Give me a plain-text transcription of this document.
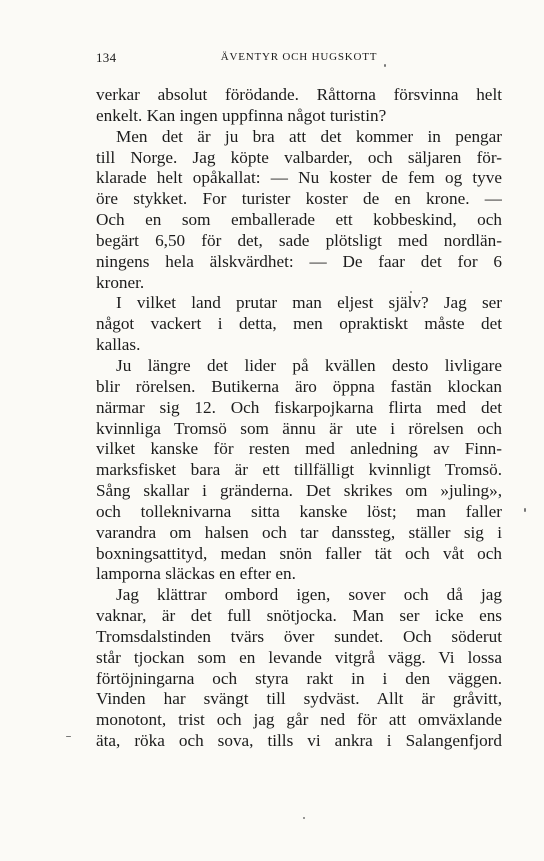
134	ÄVENTYR OCH HUGSKOTT
verkar absolut förödande. Råttorna försvinna helt
enkelt. Kan ingen uppfinna något turistin?
Men det är ju bra att det kommer in pengar
till Norge. Jag köpte valbarder, och säljaren för-
klarade helt opåkallat: — Nu koster de fem og tyve
öre stykket. For turister koster de en krone. —
Och en som emballerade ett kobbeskind, och
begärt 6,50 för det, sade plötsligt med nordlän-
ningens hela älskvärdhet: — De faar det for 6
kroner.
I vilket land prutar man eljest själv? Jag ser
något vackert i detta, men opraktiskt måste det
kallas.
Ju längre det lider på kvällen desto livligare
blir rörelsen. Butikerna äro öppna fastän klockan
närmar sig 12. Och fiskarpojkarna flirta med det
kvinnliga Tromsö som ännu är ute i rörelsen och
vilket kanske för resten med anledning av Finn-
marksfisket bara är ett tillfälligt kvinnligt Tromsö.
Sång skallar i gränderna. Det skrikes om »juling»,
och tolleknivarna sitta kanske löst; man faller
varandra om halsen och tar danssteg, ställer sig i
boxningsattityd, medan snön faller tät och våt och
lamporna släckas en efter en.
Jag klättrar ombord igen, sover och då jag
vaknar, är det full snötjocka. Man ser icke ens
Tromsdalstinden tvärs över sundet. Och söderut
står tjockan som en levande vitgrå vägg. Vi lossa
förtöjningarna och styra rakt in i den väggen.
Vinden har svängt till sydväst. Allt är gråvitt,
monotont, trist och jag går ned för att omväxlande
äta, röka och sova, tills vi ankra i Salangenfjord
